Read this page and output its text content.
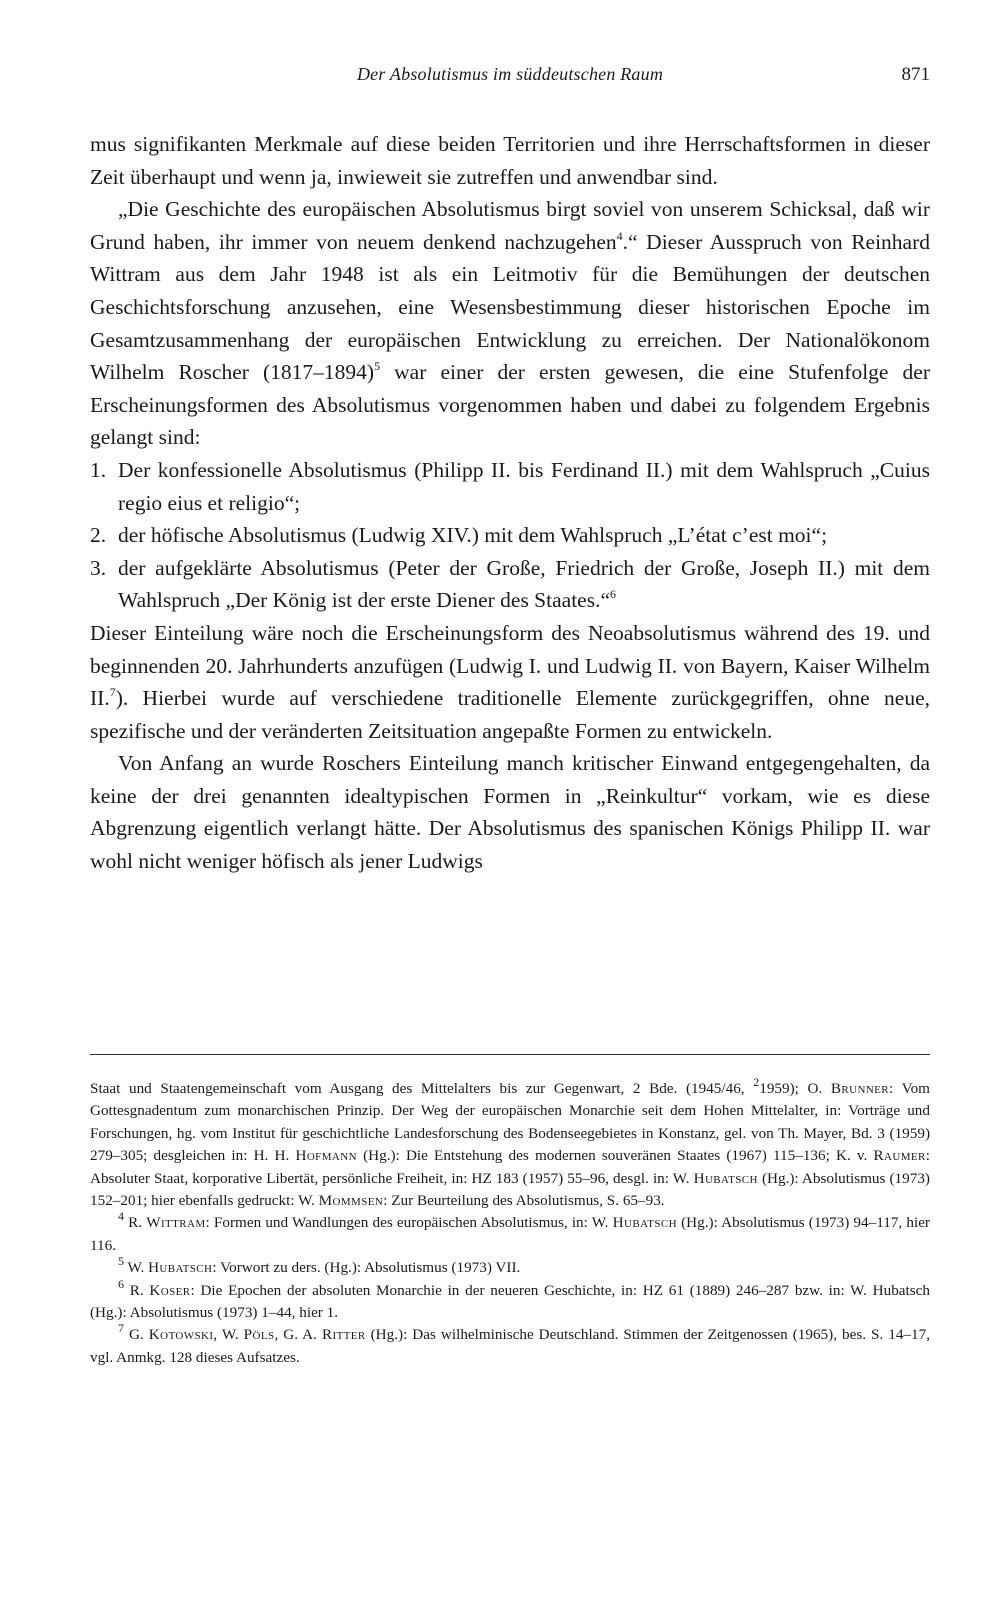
Der Absolutismus im süddeutschen Raum	871

mus signifikanten Merkmale auf diese beiden Territorien und ihre Herrschaftsformen in dieser Zeit überhaupt und wenn ja, inwieweit sie zutreffen und anwendbar sind.

„Die Geschichte des europäischen Absolutismus birgt soviel von unserem Schicksal, daß wir Grund haben, ihr immer von neuem denkend nachzugehen$^4$.“ Dieser Ausspruch von Reinhard Wittram aus dem Jahr 1948 ist als ein Leitmotiv für die Bemühungen der deutschen Geschichtsforschung anzusehen, eine Wesensbestimmung dieser historischen Epoche im Gesamtzusammenhang der europäischen Entwicklung zu erreichen. Der Nationalökonom Wilhelm Roscher (1817–1894)$^5$ war einer der ersten gewesen, die eine Stufenfolge der Erscheinungsformen des Absolutismus vorgenommen haben und dabei zu folgendem Ergebnis gelangt sind:

1. Der konfessionelle Absolutismus (Philipp II. bis Ferdinand II.) mit dem Wahlspruch „Cuius regio eius et religio“;
2. der höfische Absolutismus (Ludwig XIV.) mit dem Wahlspruch „L’état c’est moi“;
3. der aufgeklärte Absolutismus (Peter der Große, Friedrich der Große, Joseph II.) mit dem Wahlspruch „Der König ist der erste Diener des Staates.“$^6$

Dieser Einteilung wäre noch die Erscheinungsform des Neoabsolutismus während des 19. und beginnenden 20. Jahrhunderts anzufügen (Ludwig I. und Ludwig II. von Bayern, Kaiser Wilhelm II.$^7$). Hierbei wurde auf verschiedene traditionelle Elemente zurückgegriffen, ohne neue, spezifische und der veränderten Zeitsituation angepaßte Formen zu entwickeln.

Von Anfang an wurde Roschers Einteilung manch kritischer Einwand entgegengehalten, da keine der drei genannten idealtypischen Formen in „Reinkultur“ vorkam, wie es diese Abgrenzung eigentlich verlangt hätte. Der Absolutismus des spanischen Königs Philipp II. war wohl nicht weniger höfisch als jener Ludwigs

Staat und Staatengemeinschaft vom Ausgang des Mittelalters bis zur Gegenwart, 2 Bde. (1945/46, $^2$1959); O. Brunner: Vom Gottesgnadentum zum monarchischen Prinzip. Der Weg der europäischen Monarchie seit dem Hohen Mittelalter, in: Vorträge und Forschungen, hg. vom Institut für geschichtliche Landesforschung des Bodenseegebietes in Konstanz, gel. von Th. Mayer, Bd. 3 (1959) 279–305; desgleichen in: H. H. Hofmann (Hg.): Die Entstehung des modernen souveränen Staates (1967) 115–136; K. v. Raumer: Absoluter Staat, korporative Libertät, persönliche Freiheit, in: HZ 183 (1957) 55–96, desgl. in: W. Hubatsch (Hg.): Absolutismus (1973) 152–201; hier ebenfalls gedruckt: W. Mommsen: Zur Beurteilung des Absolutismus, S. 65–93.

$^4$ R. Wittram: Formen und Wandlungen des europäischen Absolutismus, in: W. Hubatsch (Hg.): Absolutismus (1973) 94–117, hier 116.

$^5$ W. Hubatsch: Vorwort zu ders. (Hg.): Absolutismus (1973) VII.

$^6$ R. Koser: Die Epochen der absoluten Monarchie in der neueren Geschichte, in: HZ 61 (1889) 246–287 bzw. in: W. Hubatsch (Hg.): Absolutismus (1973) 1–44, hier 1.

$^7$ G. Kotowski, W. Pöls, G. A. Ritter (Hg.): Das wilhelminische Deutschland. Stimmen der Zeitgenossen (1965), bes. S. 14–17, vgl. Anmkg. 128 dieses Aufsatzes.
